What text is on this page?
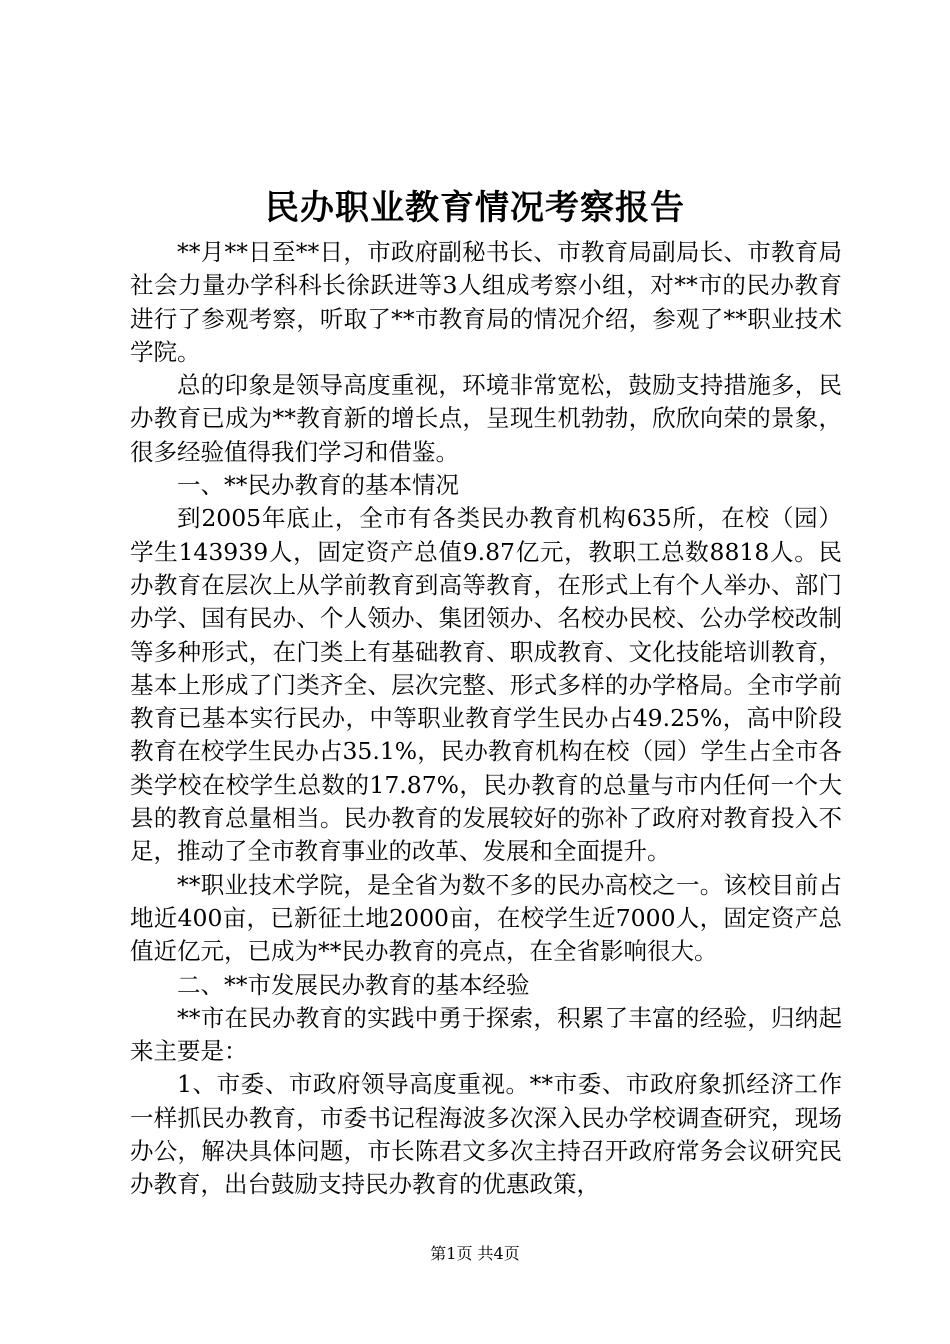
民办职业教育情况考察报告

**月**日至**日，市政府副秘书长、市教育局副局长、市教育局社会力量办学科科长徐跃进等3人组成考察小组，对**市的民办教育进行了参观考察，听取了**市教育局的情况介绍，参观了**职业技术学院。

总的印象是领导高度重视，环境非常宽松，鼓励支持措施多，民办教育已成为**教育新的增长点，呈现生机勃勃，欣欣向荣的景象，很多经验值得我们学习和借鉴。

一、**民办教育的基本情况

到2005年底止，全市有各类民办教育机构635所，在校（园）学生143939人，固定资产总值9.87亿元，教职工总数8818人。民办教育在层次上从学前教育到高等教育，在形式上有个人举办、部门办学、国有民办、个人领办、集团领办、名校办民校、公办学校改制等多种形式，在门类上有基础教育、职成教育、文化技能培训教育，基本上形成了门类齐全、层次完整、形式多样的办学格局。全市学前教育已基本实行民办，中等职业教育学生民办占49.25%，高中阶段教育在校学生民办占35.1%，民办教育机构在校（园）学生占全市各类学校在校学生总数的17.87%，民办教育的总量与市内任何一个大县的教育总量相当。民办教育的发展较好的弥补了政府对教育投入不足，推动了全市教育事业的改革、发展和全面提升。

**职业技术学院，是全省为数不多的民办高校之一。该校目前占地近400亩，已新征土地2000亩，在校学生近7000人，固定资产总值近亿元，已成为**民办教育的亮点，在全省影响很大。

二、**市发展民办教育的基本经验

**市在民办教育的实践中勇于探索，积累了丰富的经验，归纳起来主要是：

1、市委、市政府领导高度重视。**市委、市政府象抓经济工作一样抓民办教育，市委书记程海波多次深入民办学校调查研究，现场办公，解决具体问题，市长陈君文多次主持召开政府常务会议研究民办教育，出台鼓励支持民办教育的优惠政策，

第1页 共4页
